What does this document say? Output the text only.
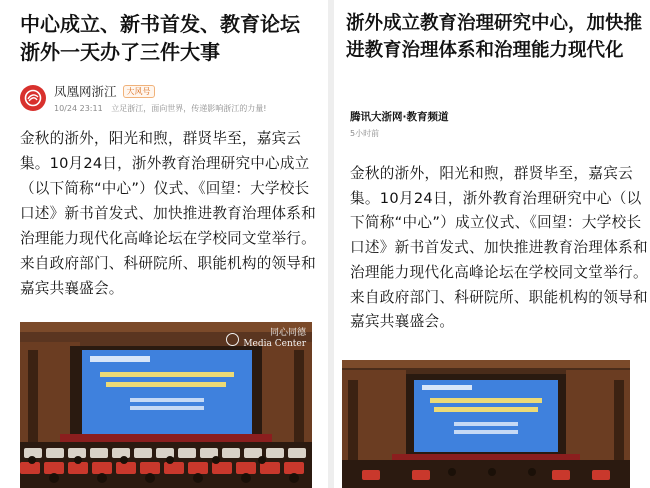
中心成立、新书首发、教育论坛浙外一天办了三件大事
凤凰网浙江	大风号
10/24 23:11 立足浙江，面向世界，传递影响浙江的力量!
金秋的浙外，阳光和煦，群贤毕至，嘉宾云集。10月24日，浙外教育治理研究中心成立（以下简称“中心”）仪式、《回望：大学校长口述》新书首发式、加快推进教育治理体系和治理能力现代化高峰论坛在学校同文堂举行。来自政府部门、科研院所、职能机构的领导和嘉宾共襄盛会。
同心同德
Media Center
浙外成立教育治理研究中心，加快推进教育治理体系和治理能力现代化
腾讯大浙网·教育频道
5小时前
金秋的浙外，阳光和煦，群贤毕至，嘉宾云集。10月24日，浙外教育治理研究中心（以下简称“中心”）成立仪式、《回望：大学校长口述》新书首发式、加快推进教育治理体系和治理能力现代化高峰论坛在学校同文堂举行。来自政府部门、科研院所、职能机构的领导和嘉宾共襄盛会。
